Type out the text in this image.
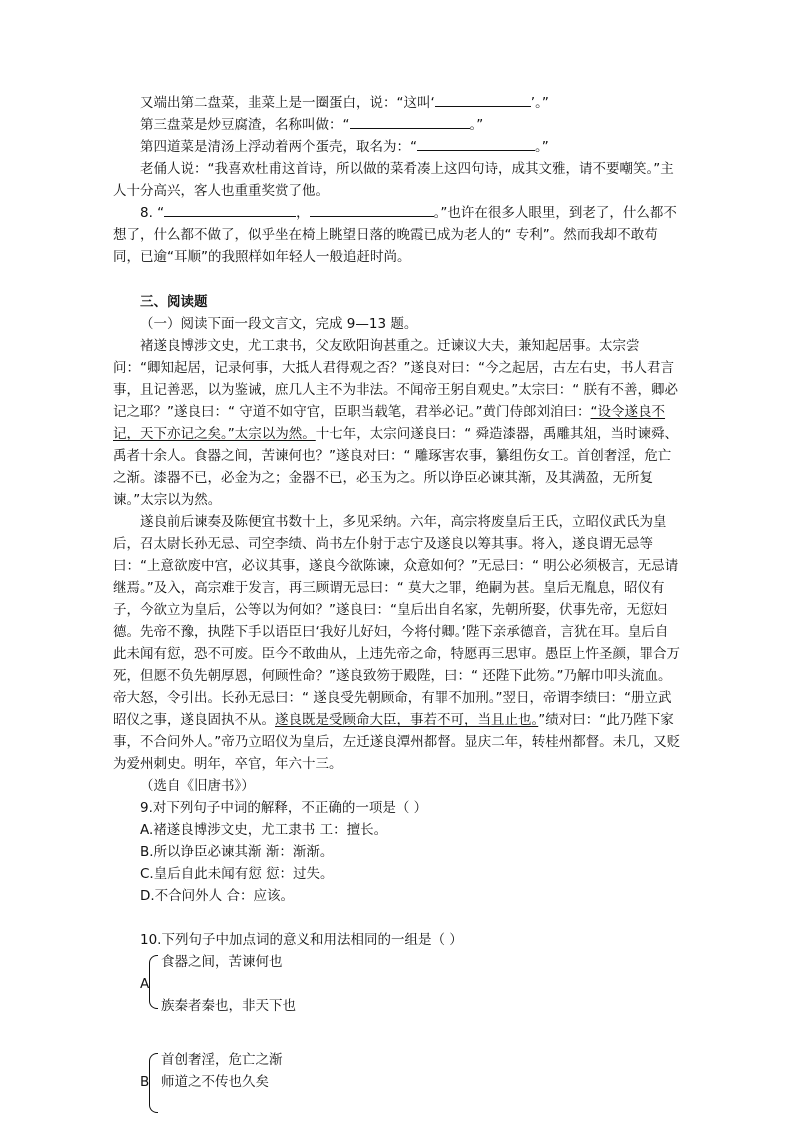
又端出第二盘菜，韭菜上是一圈蛋白，说：“这叫‘	’。”

第三盘菜是炒豆腐渣，名称叫做：“	。”

第四道菜是清汤上浮动着两个蛋壳，取名为：“	。”

老俑人说：“我喜欢杜甫这首诗，所以做的菜肴凑上这四句诗，成其文雅，请不要嘲笑。”主人十分高兴，客人也重重奖赏了他。

8. “	，	。”也许在很多人眼里，到老了，什么都不想了，什么都不做了，似乎坐在椅上眺望日落的晚霞已成为老人的“ 专利”。然而我却不敢苟同，已逾“耳顺”的我照样如年轻人一般追赶时尚。

三、阅读题

（一）阅读下面一段文言文，完成 9—13 题。

褚遂良博涉文史，尤工隶书，父友欧阳询甚重之。迁谏议大夫，兼知起居事。太宗尝问：“卿知起居，记录何事，大抵人君得观之否？”遂良对曰：“今之起居，古左右史，书人君言事，且记善恶，以为鉴诫，庶几人主不为非法。不闻帝王躬自观史。”太宗曰：“ 朕有不善，卿必记之耶？”遂良曰：“ 守道不如守官，臣职当载笔，君举必记。”黄门侍郎刘洎曰：“设令遂良不记，天下亦记之矣。”太宗以为然。十七年，太宗问遂良曰：“ 舜造漆器，禹雕其俎，当时谏舜、禹者十余人。食器之间，苦谏何也？”遂良对曰：“ 雕琢害农事，纂组伤女工。首创奢淫，危亡之渐。漆器不已，必金为之；金器不已，必玉为之。所以诤臣必谏其渐，及其满盈，无所复谏。”太宗以为然。

遂良前后谏奏及陈便宜书数十上，多见采纳。六年，高宗将废皇后王氏，立昭仪武氏为皇后，召太尉长孙无忌、司空李绩、尚书左仆射于志宁及遂良以筹其事。将入，遂良谓无忌等曰：“上意欲废中宫，必议其事，遂良今欲陈谏，众意如何？”无忌曰：“ 明公必须极言，无忌请继焉。”及入，高宗难于发言，再三顾谓无忌曰：“ 莫大之罪，绝嗣为甚。皇后无胤息，昭仪有子，今欲立为皇后，公等以为何如？”遂良曰：“皇后出自名家，先朝所娶，伏事先帝，无愆妇德。先帝不豫，执陛下手以语臣曰‘我好儿好妇，今将付卿。’陛下亲承德音，言犹在耳。皇后自此未闻有愆，恐不可废。臣今不敢曲从，上违先帝之命，特愿再三思审。愚臣上忤圣颜，罪合万死，但愿不负先朝厚恩，何顾性命？”遂良致笏于殿陛，曰：“ 还陛下此笏。”乃解巾叩头流血。帝大怒，令引出。长孙无忌曰：“ 遂良受先朝顾命，有罪不加刑。”翌日，帝谓李绩曰：“册立武昭仪之事，遂良固执不从。遂良既是受顾命大臣，事若不可，当且止也。”绩对曰：“此乃陛下家事，不合问外人。”帝乃立昭仪为皇后，左迁遂良潭州都督。显庆二年，转桂州都督。未几，又贬为爱州刺史。明年，卒官，年六十三。

（选自《旧唐书》）

9.对下列句子中词的解释，不正确的一项是（ ）

A.褚遂良博涉文史，尤工隶书 工：擅长。

B.所以诤臣必谏其渐 渐：渐渐。

C.皇后自此未闻有愆 愆：过失。

D.不合问外人 合：应该。

10.下列句子中加点词的意义和用法相同的一组是（ ）

A
食器之间，苦谏何也
族秦者秦也，非天下也
B
首创奢淫，危亡之渐
师道之不传也久矣
